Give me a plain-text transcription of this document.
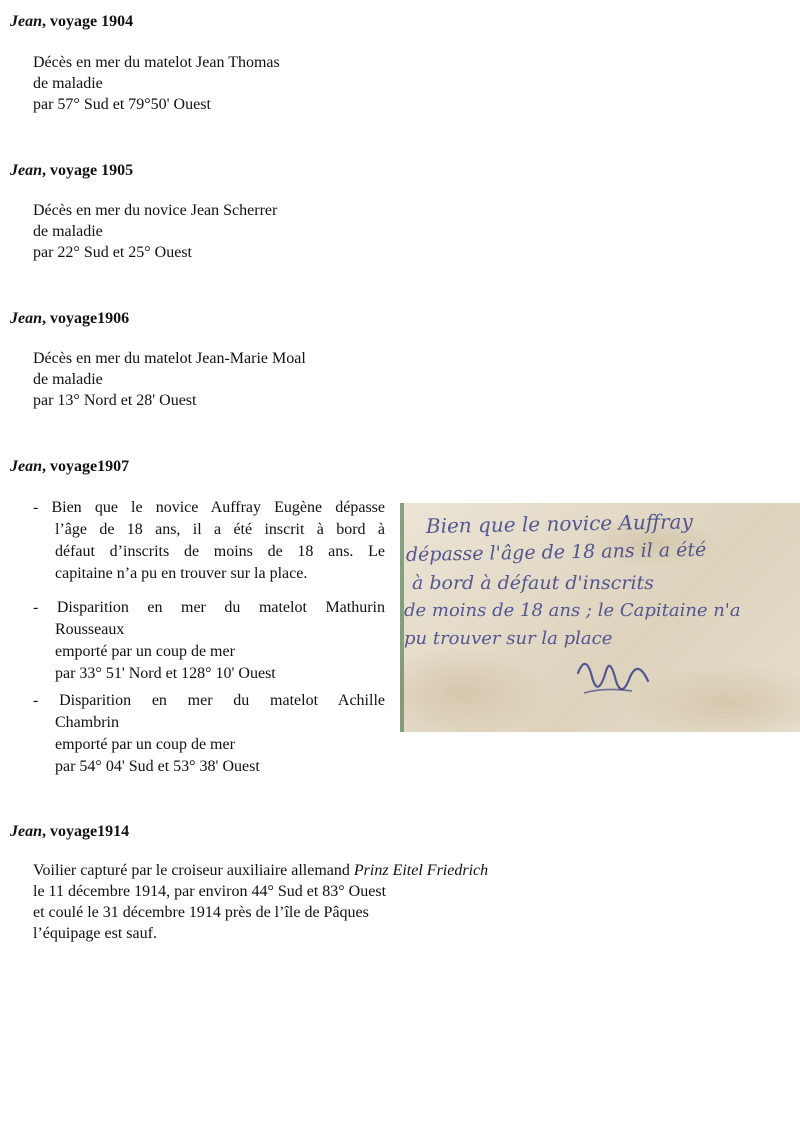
Jean, voyage 1904
Décès en mer du matelot Jean Thomas
de maladie
par 57° Sud et 79°50' Ouest
Jean, voyage 1905
Décès en mer du novice Jean Scherrer
de maladie
par 22° Sud et 25° Ouest
Jean, voyage1906
Décès en mer du matelot Jean-Marie Moal
de maladie
par 13° Nord et 28' Ouest
Jean, voyage1907

- Bien que le novice Auffray Eugène dépasse

l’âge de 18 ans, il a été inscrit à bord à

défaut d’inscrits de moins de 18 ans. Le

capitaine n’a pu en trouver sur la place.

- Disparition en mer du matelot Mathurin

Rousseaux

emporté par un coup de mer

par 33° 51' Nord et 128° 10' Ouest

- Disparition en mer du matelot Achille

Chambrin

emporté par un coup de mer

par 54° 04' Sud et 53° 38' Ouest

Bien que le novice Auffray
dépasse l'âge de 18 ans il a été
à bord à défaut d'inscrits
de moins de 18 ans ; le Capitaine n'a
pu trouver sur la place
Jean, voyage1914
Voilier capturé par le croiseur auxiliaire allemand Prinz Eitel Friedrich
le 11 décembre 1914, par environ 44° Sud et 83° Ouest
et coulé le 31 décembre 1914 près de l’île de Pâques
l’équipage est sauf.
